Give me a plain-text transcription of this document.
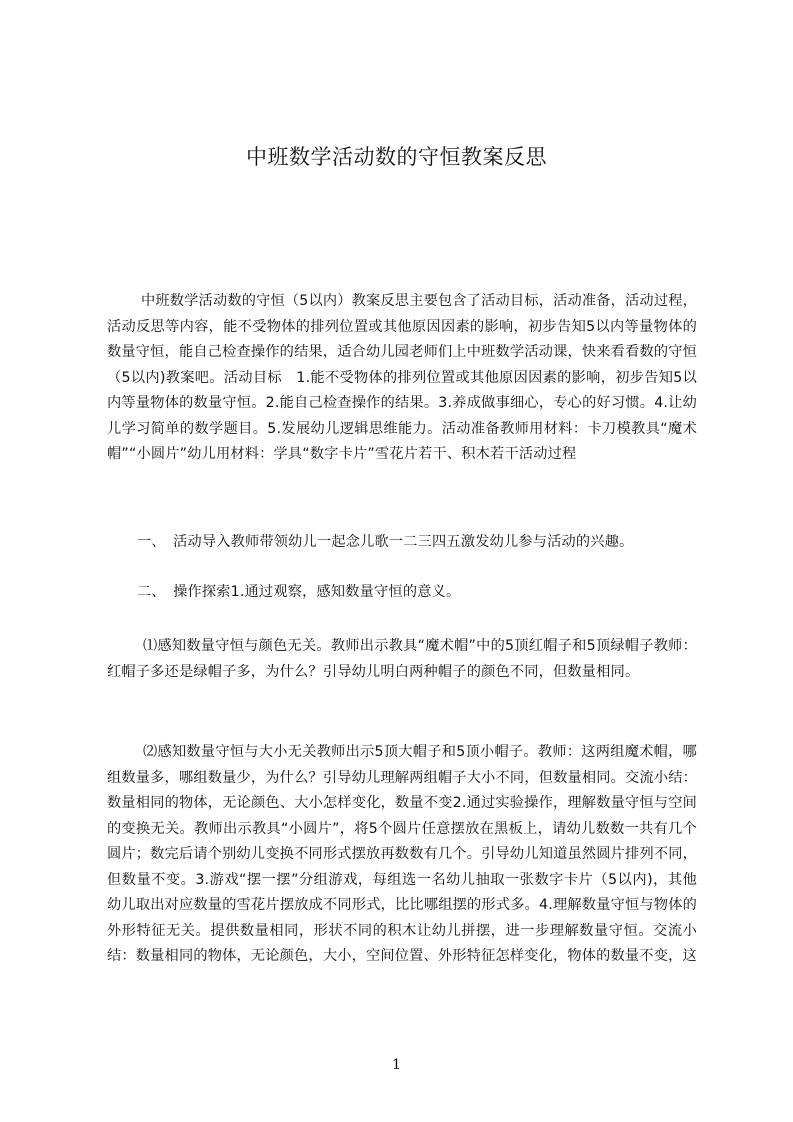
中班数学活动数的守恒教案反思

中班数学活动数的守恒（5以内）教案反思主要包含了活动目标，活动准备，活动过程，活动反思等内容，能不受物体的排列位置或其他原因因素的影响，初步告知5以内等量物体的数量守恒，能自己检查操作的结果，适合幼儿园老师们上中班数学活动课，快来看看数的守恒（5以内)教案吧。活动目标　1.能不受物体的排列位置或其他原因因素的影响，初步告知5以内等量物体的数量守恒。2.能自己检查操作的结果。3.养成做事细心，专心的好习惯。4.让幼儿学习简单的数学题目。5.发展幼儿逻辑思维能力。活动准备教师用材料：卡刀模教具“魔术帽”“小圆片”幼儿用材料：学具“数字卡片”雪花片若干、积木若干活动过程

一、　活动导入教师带领幼儿一起念儿歌一二三四五激发幼儿参与活动的兴趣。

二、　操作探索1.通过观察，感知数量守恒的意义。

⑴感知数量守恒与颜色无关。教师出示教具“魔术帽”中的5顶红帽子和5顶绿帽子教师：红帽子多还是绿帽子多，为什么？引导幼儿明白两种帽子的颜色不同，但数量相同。

⑵感知数量守恒与大小无关教师出示5顶大帽子和5顶小帽子。教师：这两组魔术帽，哪组数量多，哪组数量少，为什么？引导幼儿理解两组帽子大小不同，但数量相同。交流小结：数量相同的物体，无论颜色、大小怎样变化，数量不变2.通过实验操作，理解数量守恒与空间的变换无关。教师出示教具“小圆片”，将5个圆片任意摆放在黑板上，请幼儿数数一共有几个圆片；数完后请个别幼儿变换不同形式摆放再数数有几个。引导幼儿知道虽然圆片排列不同，但数量不变。3.游戏“摆一摆”分组游戏，每组选一名幼儿抽取一张数字卡片（5以内)，其他幼儿取出对应数量的雪花片摆放成不同形式，比比哪组摆的形式多。4.理解数量守恒与物体的外形特征无关。提供数量相同，形状不同的积木让幼儿拼摆，进一步理解数量守恒。交流小结：数量相同的物体，无论颜色，大小，空间位置、外形特征怎样变化，物体的数量不变，这

1
